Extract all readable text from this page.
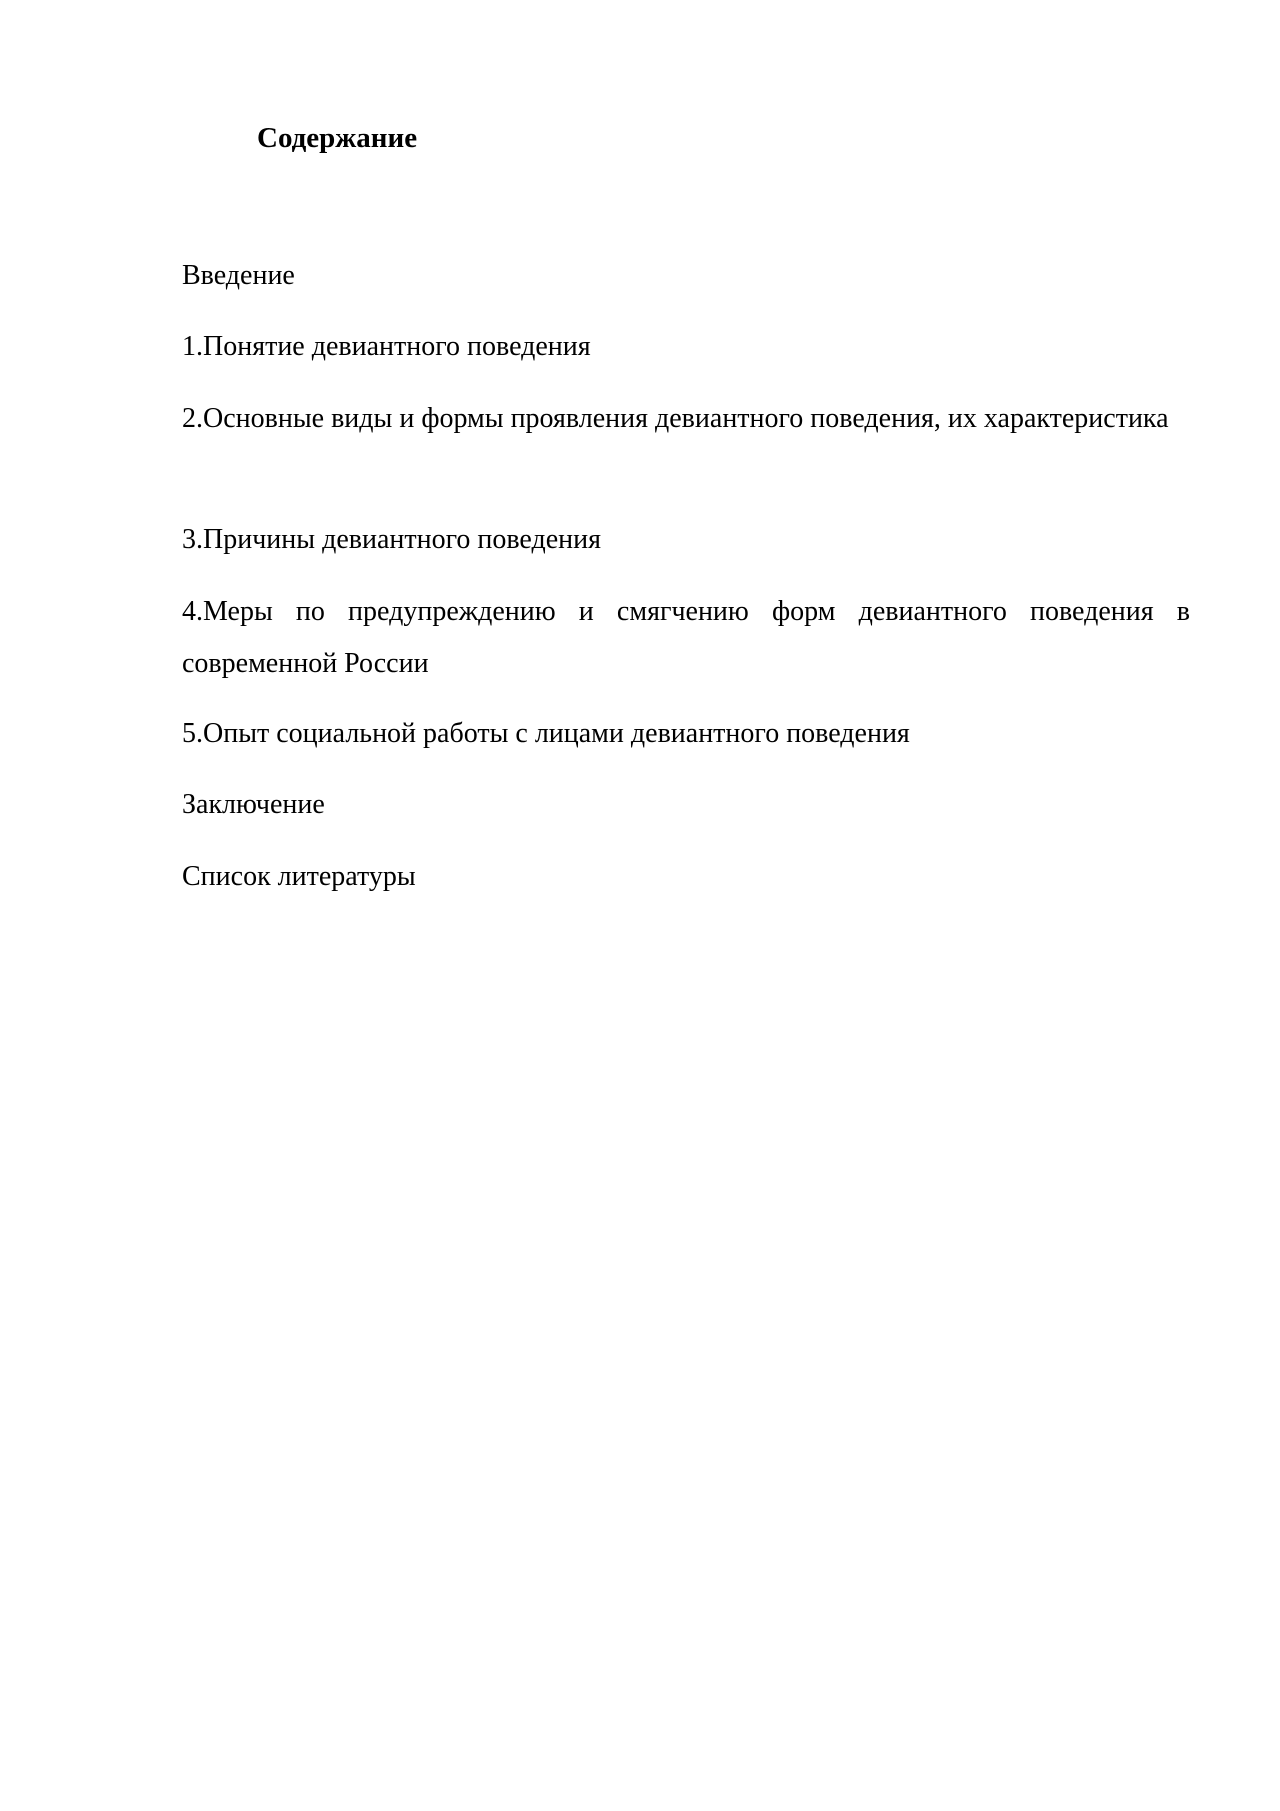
Содержание
Введение
1.Понятие девиантного поведения
2.Основные виды и формы проявления девиантного поведения, их характеристика
3.Причины девиантного поведения
4.Меры по предупреждению и смягчению форм девиантного поведения в современной России
5.Опыт социальной работы с лицами девиантного поведения
Заключение
Список литературы
